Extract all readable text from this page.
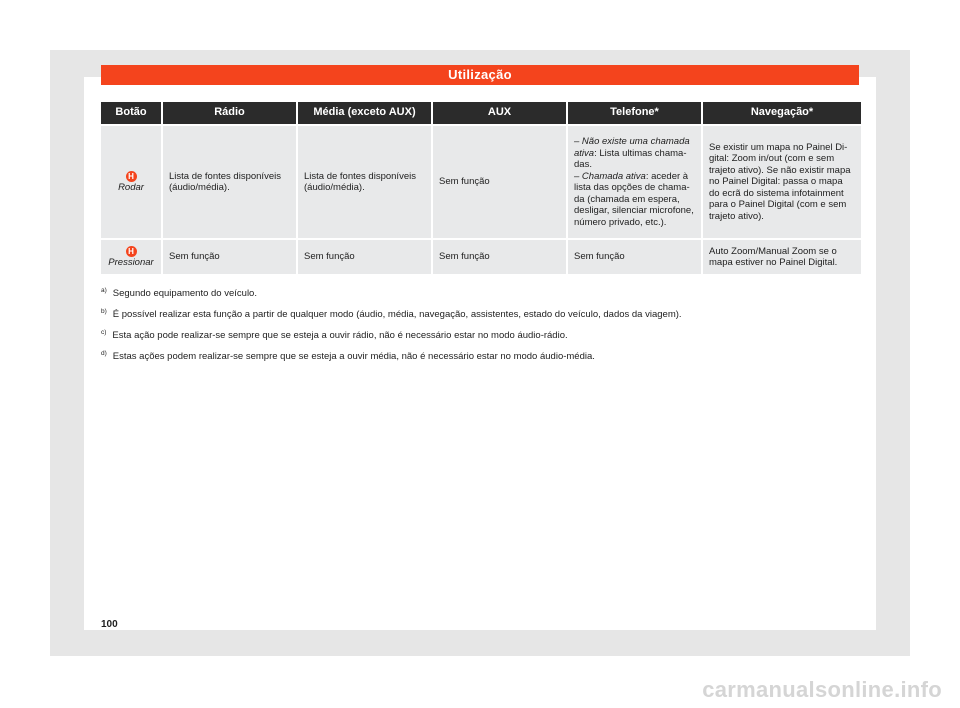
Utilização
Botão	Rádio	Média (exceto AUX)	AUX	Telefone*	Navegação*
H
Rodar	Lista de fontes disponíveis (áudio/média).	Lista de fontes disponíveis (áudio/média).	Sem função	– Não existe uma chamada ativa: Lista ultimas chamadas.
– Chamada ativa: aceder à lista das opções de chamada (chamada em espera, desligar, silenciar microfone, número privado, etc.).	Se existir um mapa no Painel Digital: Zoom in/out (com e sem trajeto ativo). Se não existir mapa no Painel Digital: passa o mapa do ecrã do sistema infotainment para o Painel Digital (com e sem trajeto ativo).
H
Pressionar	Sem função	Sem função	Sem função	Sem função	Auto Zoom/Manual Zoom se o mapa estiver no Painel Digital.
$^{a)}$ Segundo equipamento do veículo.
$^{b)}$ É possível realizar esta função a partir de qualquer modo (áudio, média, navegação, assistentes, estado do veículo, dados da viagem).
$^{c)}$ Esta ação pode realizar-se sempre que se esteja a ouvir rádio, não é necessário estar no modo áudio-rádio.
$^{d)}$ Estas ações podem realizar-se sempre que se esteja a ouvir média, não é necessário estar no modo áudio-média.
100
carmanualsonline.info
